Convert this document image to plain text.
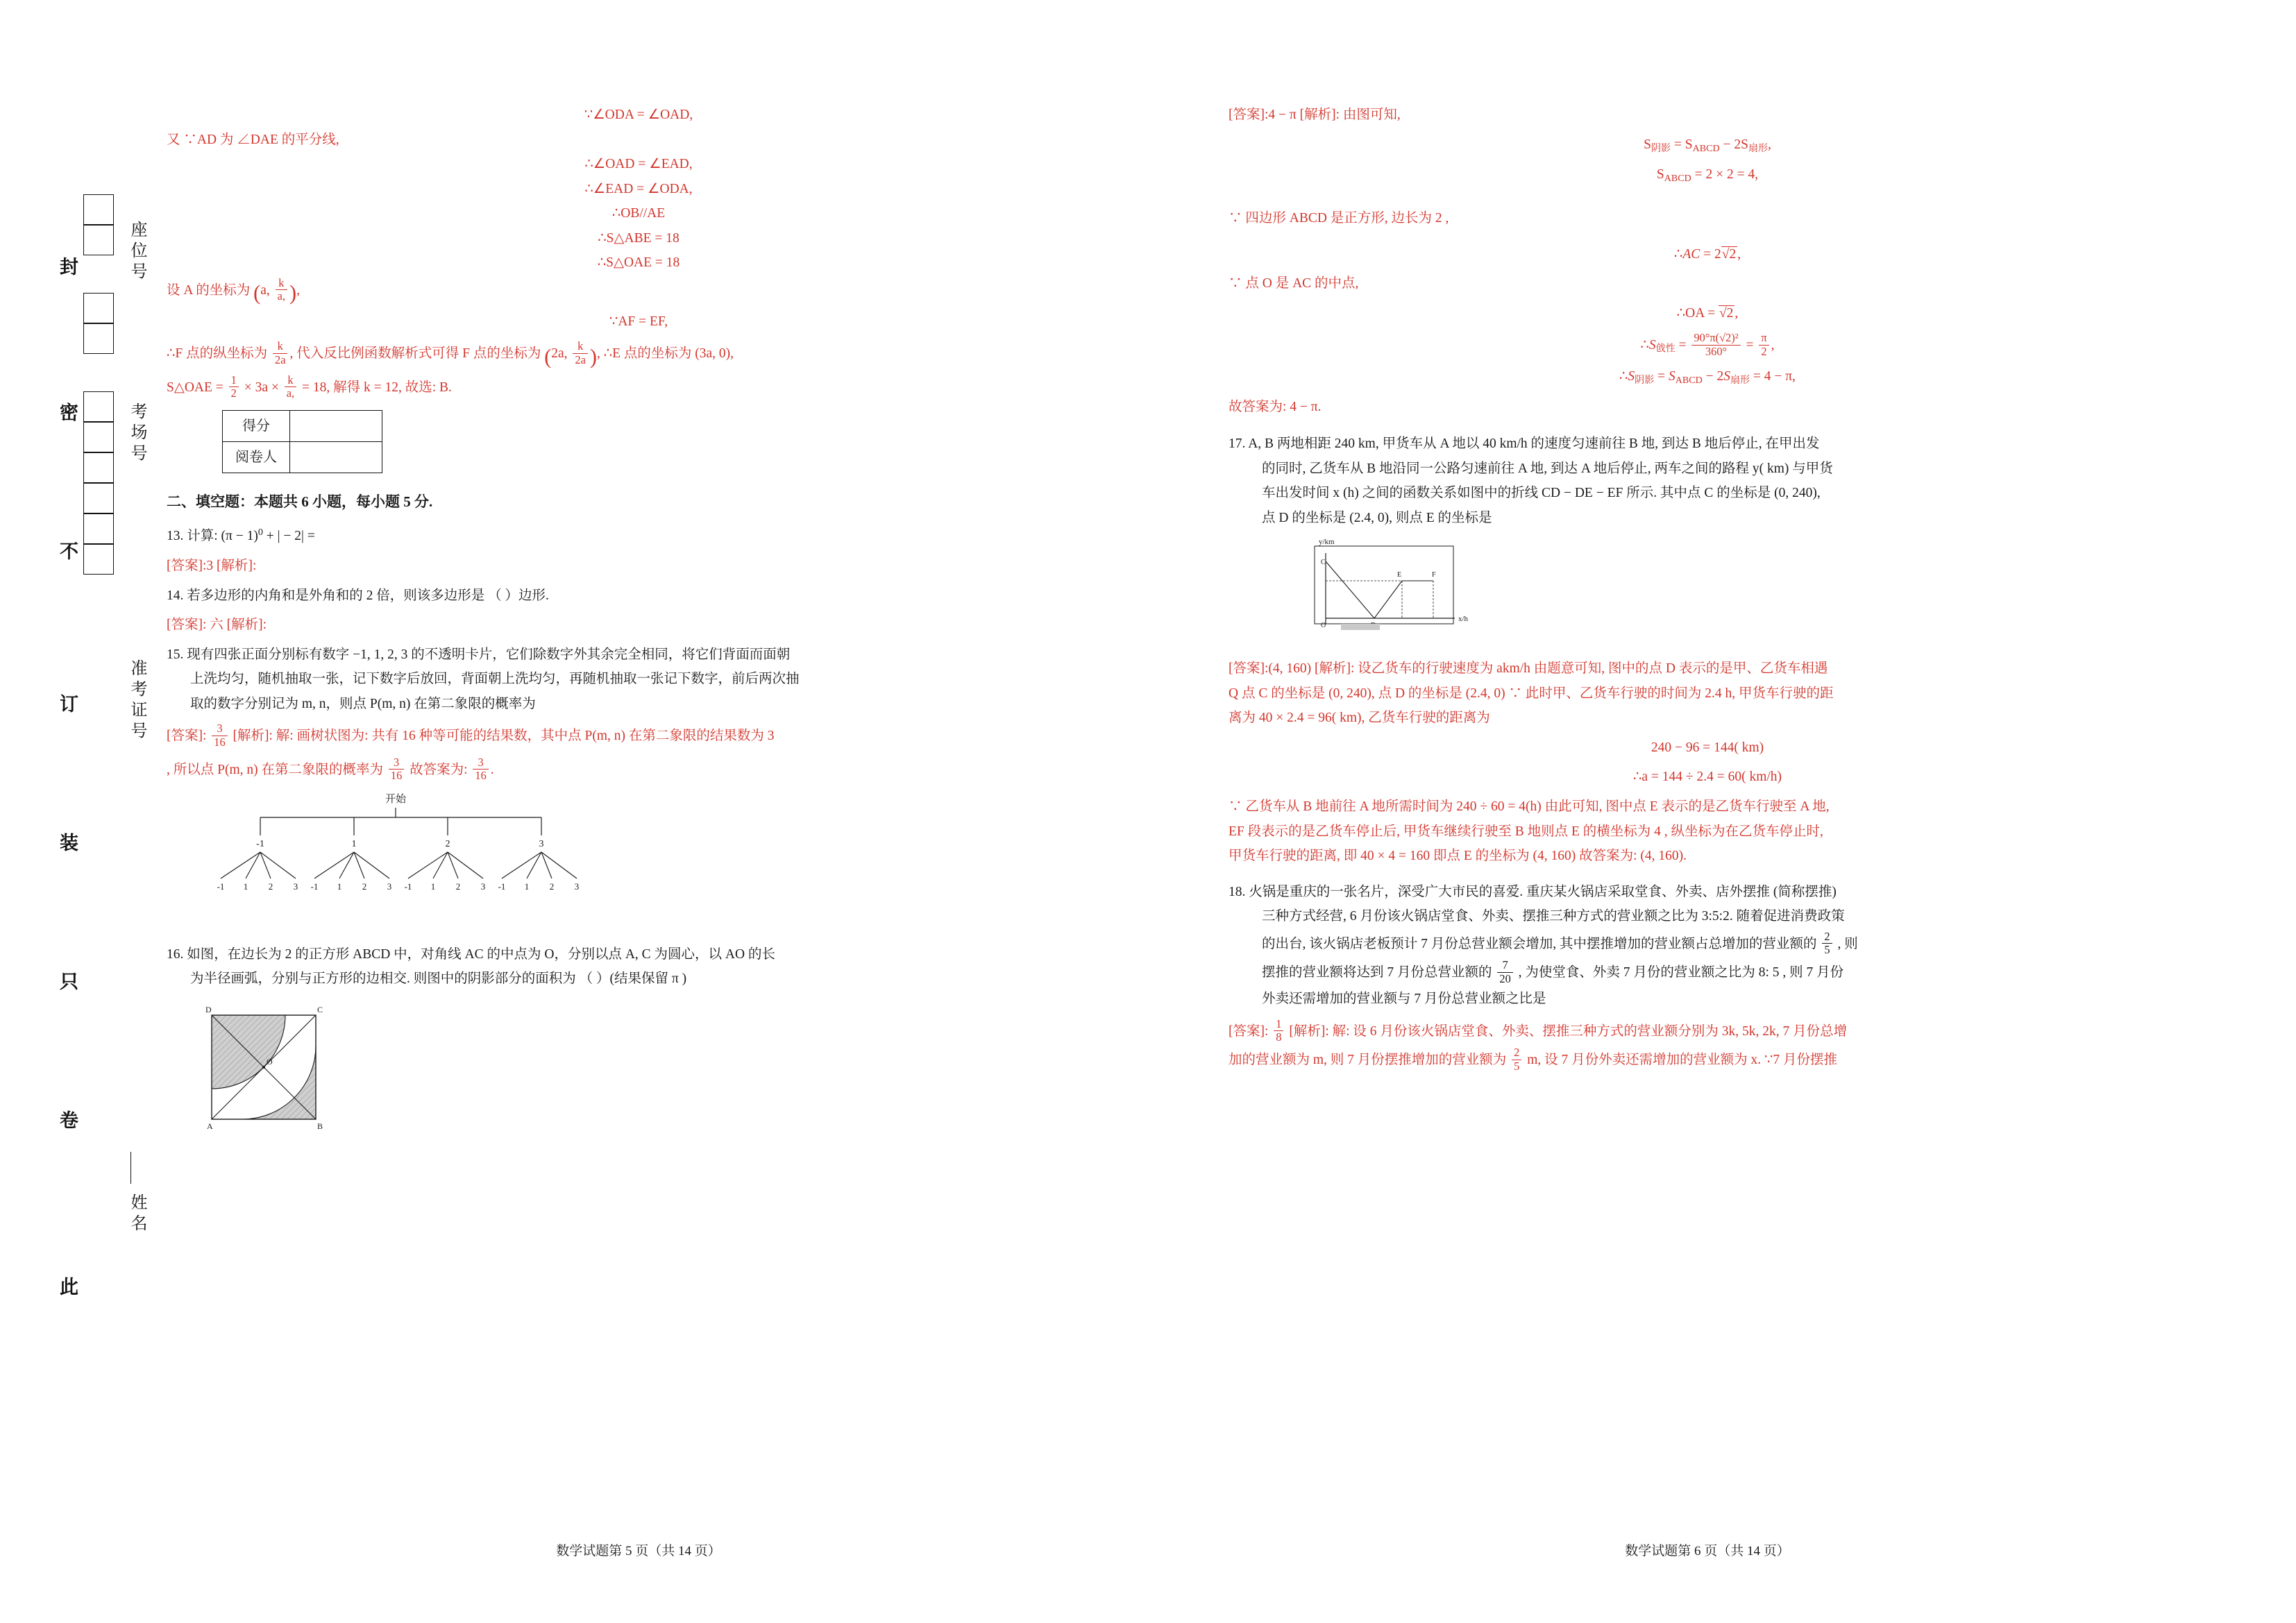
封
密
不
订
装
只
卷
此
座位号
考场号
准考证号
姓名

∵∠ODA = ∠OAD,

又 ∵AD 为 ∠DAE 的平分线,

∴∠OAD = ∠EAD,

∴∠EAD = ∠ODA,

∴OB//AE

∴S△ABE = 18

∴S△OAE = 18

设 A 的坐标为 (a, $\frac{k}{a,}$ ),

∵AF = EF,

∴F 点的纵坐标为 $\frac{k}{2a}$ , 代入反比例函数解析式可得 F 点的坐标为 (2a, $\frac{k}{2a}$ ), ∴E 点的坐标为 (3a, 0),

S△OAE = $\frac{1}{2} \times 3a \times \frac{k}{a,} = 18$, 解得 k = 12, 故选: B.

得分	
阅卷人	

二、填空题：本题共 6 小题，每小题 5 分.

13. 计算: $(\pi - 1)^0$ + | − 2| =

[答案]:3 [解析]:

14. 若多边形的内角和是外角和的 2 倍，则该多边形是 （ ）边形.

[答案]: 六 [解析]:

15. 现有四张正面分别标有数字 −1, 1, 2, 3 的不透明卡片，它们除数字外其余完全相同，将它们背面而面朝

上洗均匀，随机抽取一张，记下数字后放回，背面朝上洗均匀，再随机抽取一张记下数字，前后两次抽

取的数字分别记为 m, n，则点 P(m, n) 在第二象限的概率为

[答案]: $\frac{3}{16}$ [解析]: 解: 画树状图为: 共有 16 种等可能的结果数，其中点 P(m, n) 在第二象限的结果数为 3

, 所以点 P(m, n) 在第二象限的概率为 $\frac{3}{16}$ 故答案为: $\frac{3}{16}$ .

开始
-1	1	2	3
-1 1 2 3 -1 1 2 3 -1 1 2 3 -1 1 2 3

16. 如图，在边长为 2 的正方形 ABCD 中，对角线 AC 的中点为 O，分别以点 A, C 为圆心，以 AO 的长

为半径画弧，分别与正方形的边相交. 则图中的阴影部分的面积为 （ ）(结果保留 π )

O
A	B
C
D
数学试题第 5 页（共 14 页）

[答案]:4 − π [解析]: 由图可知,

$S_{阴影} = S_{ABCD} - 2S_{扇形}$,

$S_{ABCD} = 2 \times 2 = 4$,

∵ 四边形 ABCD 是正方形, 边长为 2 ,

∴AC = 2√2 ,

∵ 点 O 是 AC 的中点,

∴OA = √2 ,

$\therefore S_{戗性} = \frac{\text{90°π(√2)²}}{360^\circ} = \frac{\pi}{2}$ ,

$\therefore S_{阴影} = S_{ABCD} - 2S_{扇形} = 4 - \pi$,

故答案为: 4 − π.

17. A, B 两地相距 240 km, 甲货车从 A 地以 40 km/h 的速度匀速前往 B 地, 到达 B 地后停止, 在甲出发

的同时, 乙货车从 B 地沿同一公路匀速前往 A 地, 到达 A 地后停止, 两车之间的路程 y( km) 与甲货

车出发时间 x (h) 之间的函数关系如图中的折线 CD − DE − EF 所示. 其中点 C 的坐标是 (0, 240),

点 D 的坐标是 (2.4, 0), 则点 E 的坐标是

y/km
x/h
O
C
E	F

[答案]:(4, 160) [解析]: 设乙货车的行驶速度为 akm/h 由题意可知, 图中的点 D 表示的是甲、乙货车相遇

Q 点 C 的坐标是 (0, 240), 点 D 的坐标是 (2.4, 0) ∵ 此时甲、乙货车行驶的时间为 2.4 h, 甲货车行驶的距

离为 40 × 2.4 = 96( km), 乙货车行驶的距离为

240 − 96 = 144( km)

∴a = 144 ÷ 2.4 = 60( km/h)

∵ 乙货车从 B 地前往 A 地所需时间为 240 ÷ 60 = 4(h) 由此可知, 图中点 E 表示的是乙货车行驶至 A 地,

EF 段表示的是乙货车停止后, 甲货车继续行驶至 B 地则点 E 的横坐标为 4 , 纵坐标为在乙货车停止时,

甲货车行驶的距离, 即 40 × 4 = 160 即点 E 的坐标为 (4, 160) 故答案为: (4, 160).

18. 火锅是重庆的一张名片，深受广大市民的喜爱. 重庆某火锅店采取堂食、外卖、店外摆推 (简称摆推)

三种方式经营, 6 月份该火锅店堂食、外卖、摆推三种方式的营业额之比为 3:5:2. 随着促进消费政策

的出台, 该火锅店老板预计 7 月份总营业额会增加, 其中摆推增加的营业额占总增加的营业额的 $\frac{2}{5}$ , 则

摆推的营业额将达到 7 月份总营业额的 $\frac{7}{20}$ , 为使堂食、外卖 7 月份的营业额之比为 8: 5 , 则 7 月份

外卖还需增加的营业额与 7 月份总营业额之比是

[答案]: $\frac{1}{8}$ [解析]: 解: 设 6 月份该火锅店堂食、外卖、摆推三种方式的营业额分别为 3k, 5k, 2k, 7 月份总增

加的营业额为 m, 则 7 月份摆推增加的营业额为 $\frac{2}{5} m$, 设 7 月份外卖还需增加的营业额为 x. ∵7 月份摆推

数学试题第 6 页（共 14 页）
